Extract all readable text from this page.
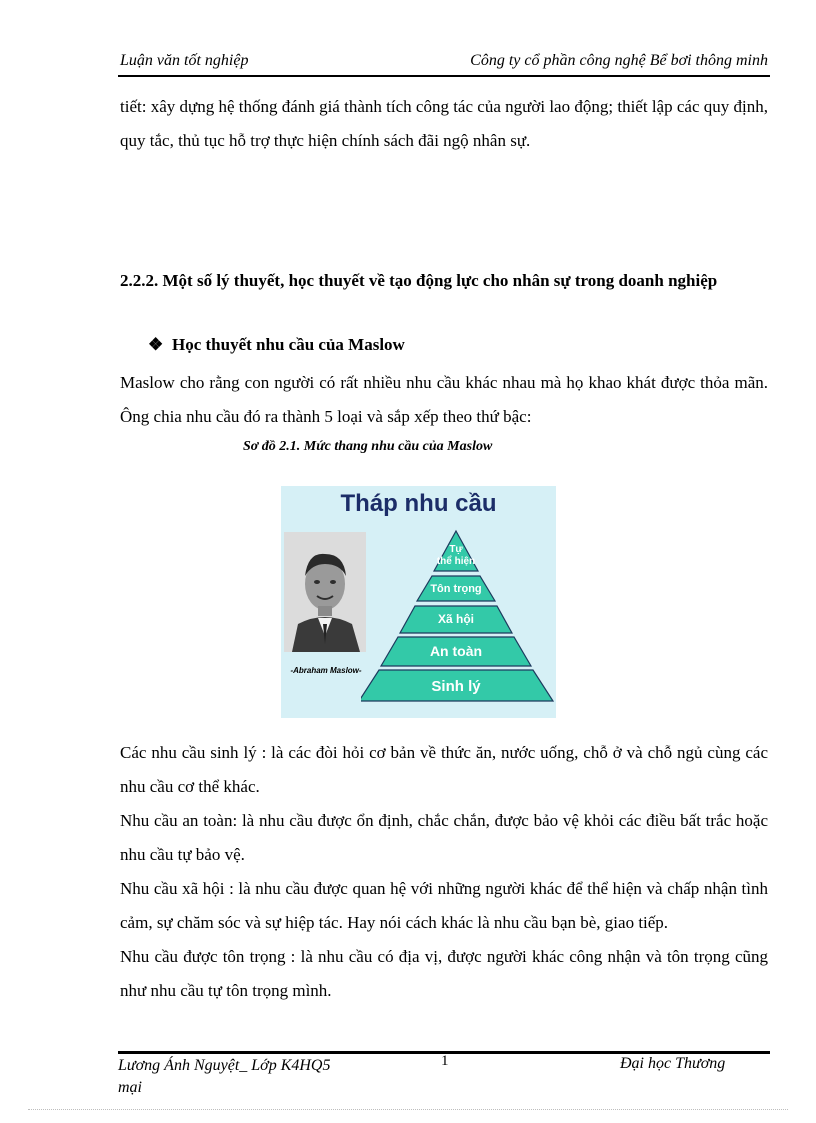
Luận văn tốt nghiệp	Công ty cổ phần công nghệ Bể bơi thông minh
tiết: xây dựng hệ thống đánh giá thành tích công tác của người lao động; thiết lập các quy định, quy tắc, thủ tục hỗ trợ thực hiện chính sách đãi ngộ nhân sự.
2.2.2. Một số lý thuyết, học thuyết về tạo động lực cho nhân sự trong doanh nghiệp
❖ Học thuyết nhu cầu của Maslow
Maslow cho rằng con người có rất nhiều nhu cầu khác nhau mà họ khao khát được thỏa mãn. Ông chia nhu cầu đó ra thành 5 loại và sắp xếp theo thứ bậc:
Sơ đồ 2.1. Mức thang nhu cầu của Maslow
Tháp nhu cầu
-Abraham Maslow-
Tự
thể hiện
Tôn trọng
Xã hội
An toàn
Sinh lý
Các nhu cầu sinh lý : là các đòi hỏi cơ bản về thức ăn, nước uống, chỗ ở và chỗ ngủ cùng các nhu cầu cơ thể khác.
Nhu cầu an toàn: là nhu cầu được ổn định, chắc chắn, được bảo vệ khỏi các điều bất trắc hoặc nhu cầu tự bảo vệ.
Nhu cầu xã hội : là nhu cầu được quan hệ với những người khác để thể hiện và chấp nhận tình cảm, sự chăm sóc và sự hiệp tác. Hay nói cách khác là nhu cầu bạn bè, giao tiếp.
Nhu cầu được tôn trọng : là nhu cầu có địa vị, được người khác công nhận và tôn trọng cũng như nhu cầu tự tôn trọng mình.
Lương Ánh Nguyệt_ Lớp K4HQ5 mại
1	Đại học Thương
